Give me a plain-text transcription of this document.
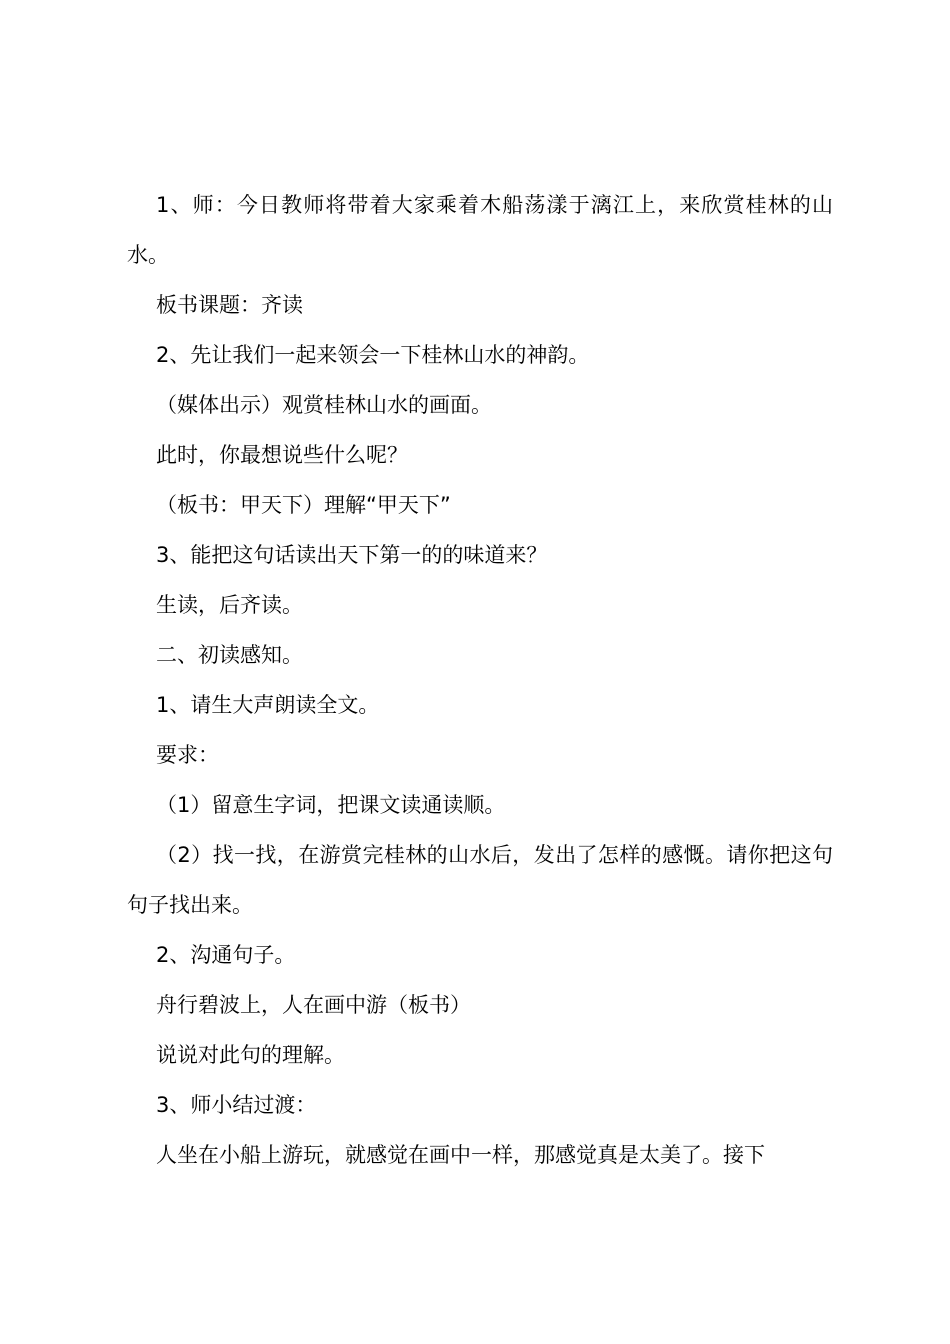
1、师：今日教师将带着大家乘着木船荡漾于漓江上，来欣赏桂林的山水。

板书课题：齐读

2、先让我们一起来领会一下桂林山水的神韵。

（媒体出示）观赏桂林山水的画面。

此时，你最想说些什么呢？

（板书：甲天下）理解“甲天下”

3、能把这句话读出天下第一的的味道来？

生读，后齐读。

二、初读感知。

1、请生大声朗读全文。

要求：

（1）留意生字词，把课文读通读顺。

（2）找一找，在游赏完桂林的山水后，发出了怎样的感慨。请你把这句句子找出来。

2、沟通句子。

舟行碧波上，人在画中游（板书）

说说对此句的理解。

3、师小结过渡：

人坐在小船上游玩，就感觉在画中一样，那感觉真是太美了。接下
